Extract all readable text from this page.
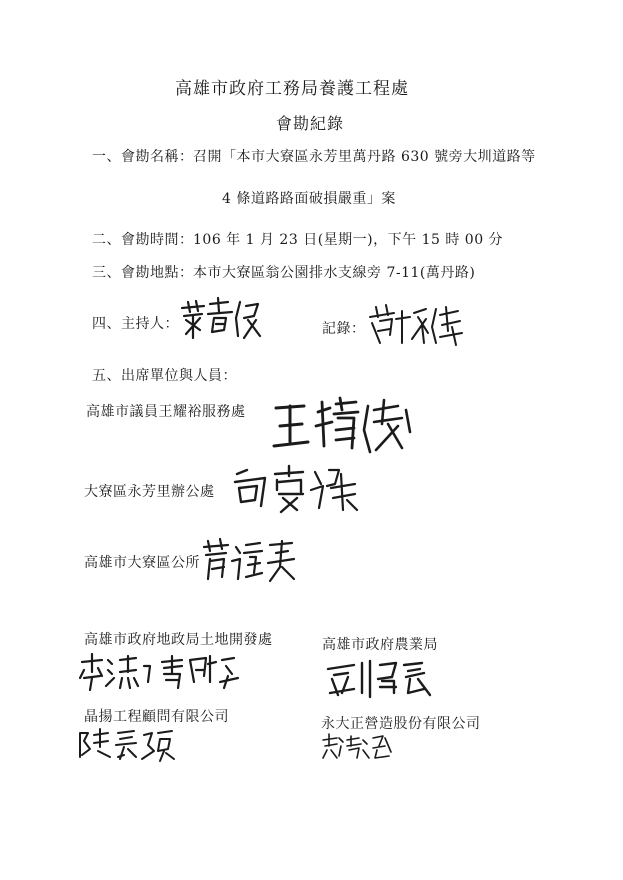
高雄市政府工務局養護工程處
會勘紀錄
一、會勘名稱： 召開「本市大寮區永芳里萬丹路 630 號旁大圳道路等
4 條道路路面破損嚴重」案
二、會勘時間： 106 年 1 月 23 日(星期一)，下午 15 時 00 分
三、會勘地點： 本市大寮區翁公園排水支線旁 7-11(萬丹路)
四、主持人：	記錄：
五、出席單位與人員：
高雄市議員王耀裕服務處
大寮區永芳里辦公處
高雄市大寮區公所
高雄市政府地政局土地開發處	高雄市政府農業局
晶揚工程顧問有限公司	永大正營造股份有限公司
